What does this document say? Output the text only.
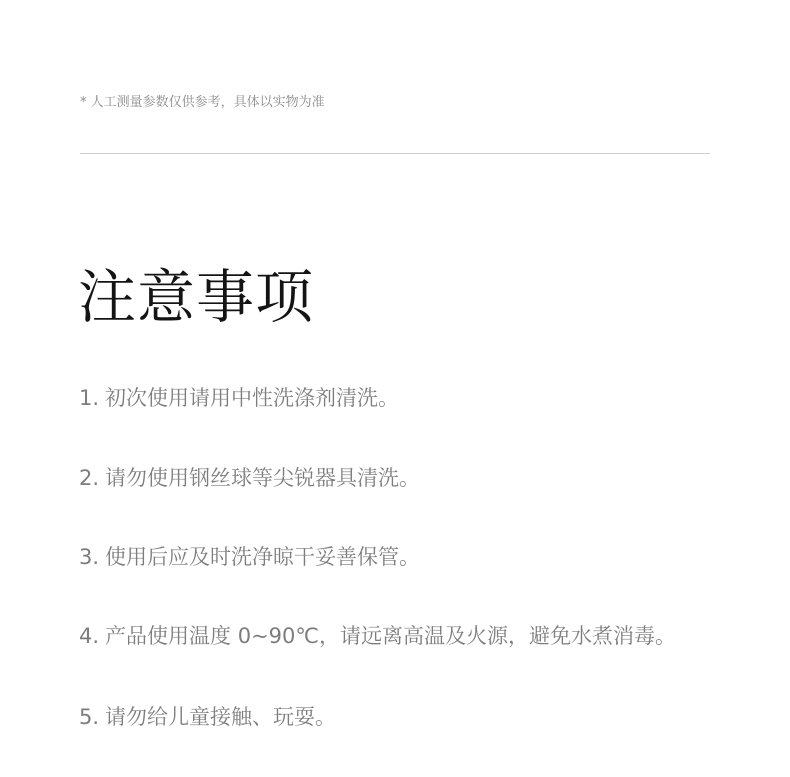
* 人工测量参数仅供参考，具体以实物为准
注意事项

1. 初次使用请用中性洗涤剂清洗。

2. 请勿使用钢丝球等尖锐器具清洗。

3. 使用后应及时洗净晾干妥善保管。

4. 产品使用温度 0~90℃，请远离高温及火源，避免水煮消毒。

5. 请勿给儿童接触、玩耍。
